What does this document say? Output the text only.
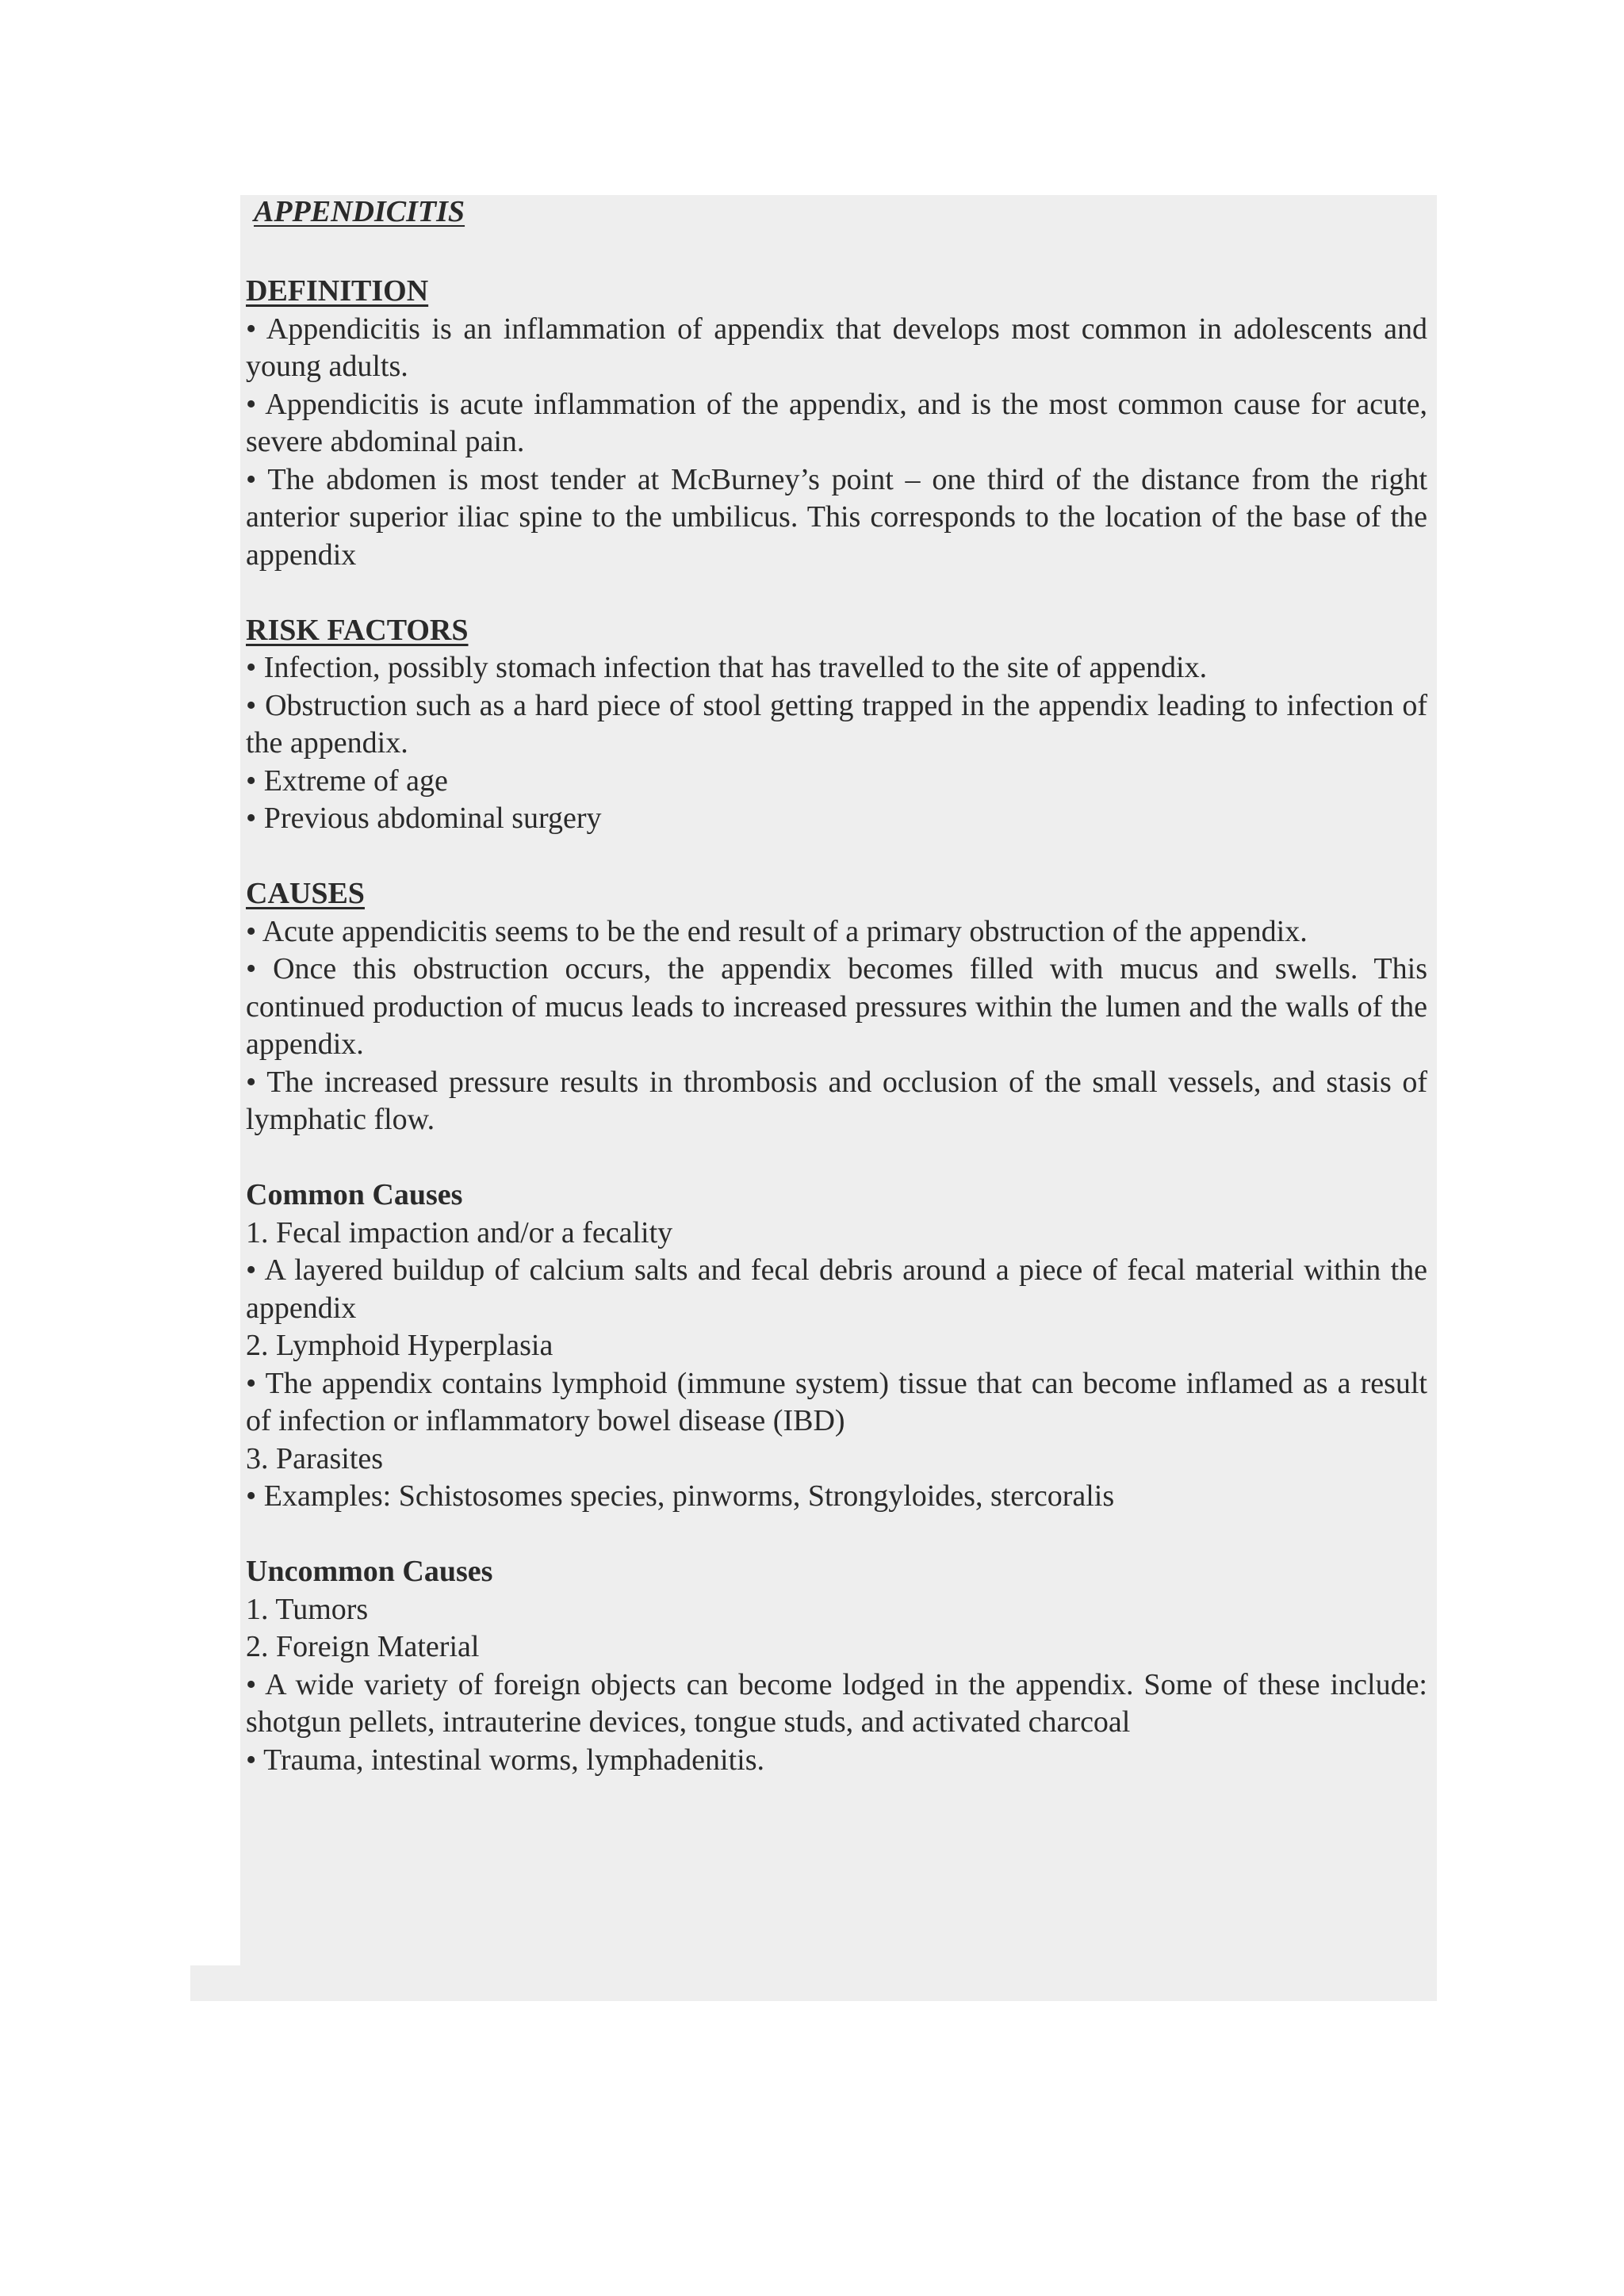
APPENDICITIS

DEFINITION

• Appendicitis is an inflammation of appendix that develops most common in adolescents and young adults.

• Appendicitis is acute inflammation of the appendix, and is the most common cause for acute, severe abdominal pain.

• The abdomen is most tender at McBurney’s point – one third of the distance from the right anterior superior iliac spine to the umbilicus. This corresponds to the location of the base of the appendix

RISK FACTORS

• Infection, possibly stomach infection that has travelled to the site of appendix.

• Obstruction such as a hard piece of stool getting trapped in the appendix leading to infection of the appendix.

• Extreme of age

• Previous abdominal surgery

CAUSES

• Acute appendicitis seems to be the end result of a primary obstruction of the appendix.

• Once this obstruction occurs, the appendix becomes filled with mucus and swells. This continued production of mucus leads to increased pressures within the lumen and the walls of the appendix.

• The increased pressure results in thrombosis and occlusion of the small vessels, and stasis of lymphatic flow.

Common Causes

1. Fecal impaction and/or a fecality

• A layered buildup of calcium salts and fecal debris around a piece of fecal material within the appendix

2. Lymphoid Hyperplasia

• The appendix contains lymphoid (immune system) tissue that can become inflamed as a result of infection or inflammatory bowel disease (IBD)

3. Parasites

• Examples: Schistosomes species, pinworms, Strongyloides, stercoralis

Uncommon Causes

1. Tumors

2. Foreign Material

• A wide variety of foreign objects can become lodged in the appendix. Some of these include: shotgun pellets, intrauterine devices, tongue studs, and activated charcoal

• Trauma, intestinal worms, lymphadenitis.
